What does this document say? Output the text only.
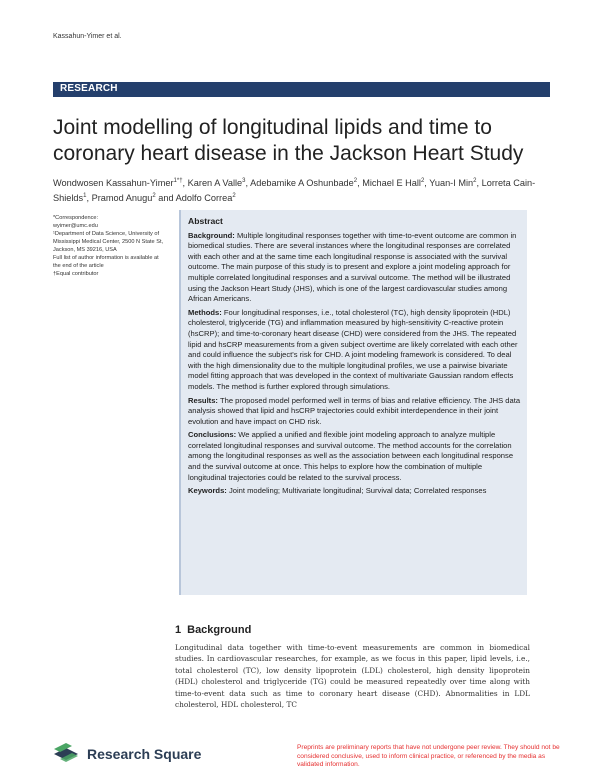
Kassahun-Yimer et al.
RESEARCH
Joint modelling of longitudinal lipids and time to coronary heart disease in the Jackson Heart Study
Wondwosen Kassahun-Yimer$^{1*\dagger}$, Karen A Valle$^3$, Adebamike A Oshunbade$^2$, Michael E Hall$^2$, Yuan-I Min$^2$, Lorreta Cain-Shields$^1$, Pramod Anugu$^2$ and Adolfo Correa$^2$
*Correspondence:
wyimer@umc.edu
¹Department of Data Science, University of Mississippi Medical Center, 2500 N State St, Jackson, MS 39216, USA
Full list of author information is available at the end of the article
†Equal contributor
Abstract

Background: Multiple longitudinal responses together with time-to-event outcome are common in biomedical studies. There are several instances where the longitudinal responses are correlated with each other and at the same time each longitudinal response is associated with the survival outcome. The main purpose of this study is to present and explore a joint modeling approach for multiple correlated longitudinal responses and a survival outcome. The method will be illustrated using the Jackson Heart Study (JHS), which is one of the largest cardiovascular studies among African Americans.

Methods: Four longitudinal responses, i.e., total cholesterol (TC), high density lipoprotein (HDL) cholesterol, triglyceride (TG) and inflammation measured by high-sensitivity C-reactive protein (hsCRP); and time-to-coronary heart disease (CHD) were considered from the JHS. The repeated lipid and hsCRP measurements from a given subject overtime are likely correlated with each other and could influence the subject's risk for CHD. A joint modeling framework is considered. To deal with the high dimensionality due to the multiple longitudinal profiles, we use a pairwise bivariate model fitting approach that was developed in the context of multivariate Gaussian random effects models. The method is further explored through simulations.

Results: The proposed model performed well in terms of bias and relative efficiency. The JHS data analysis showed that lipid and hsCRP trajectories could exhibit interdependence in their joint evolution and have impact on CHD risk.

Conclusions: We applied a unified and flexible joint modeling approach to analyze multiple correlated longitudinal responses and survival outcome. The method accounts for the correlation among the longitudinal responses as well as the association between each longitudinal response and the survival outcome at once. This helps to explore how the combination of multiple longitudinal trajectories could be related to the survival process.

Keywords: Joint modeling; Multivariate longitudinal; Survival data; Correlated responses

1 Background
Longitudinal data together with time-to-event measurements are common in biomedical studies. In cardiovascular researches, for example, as we focus in this paper, lipid levels, i.e., total cholesterol (TC), low density lipoprotein (LDL) cholesterol, high density lipoprotein (HDL) cholesterol and triglyceride (TG) could be measured repeatedly over time along with time-to-event data such as time to coronary heart disease (CHD). Abnormalities in LDL cholesterol, HDL cholesterol, TC
Research Square	Preprints are preliminary reports that have not undergone peer review. They should not be considered conclusive, used to inform clinical practice, or referenced by the media as validated information.
